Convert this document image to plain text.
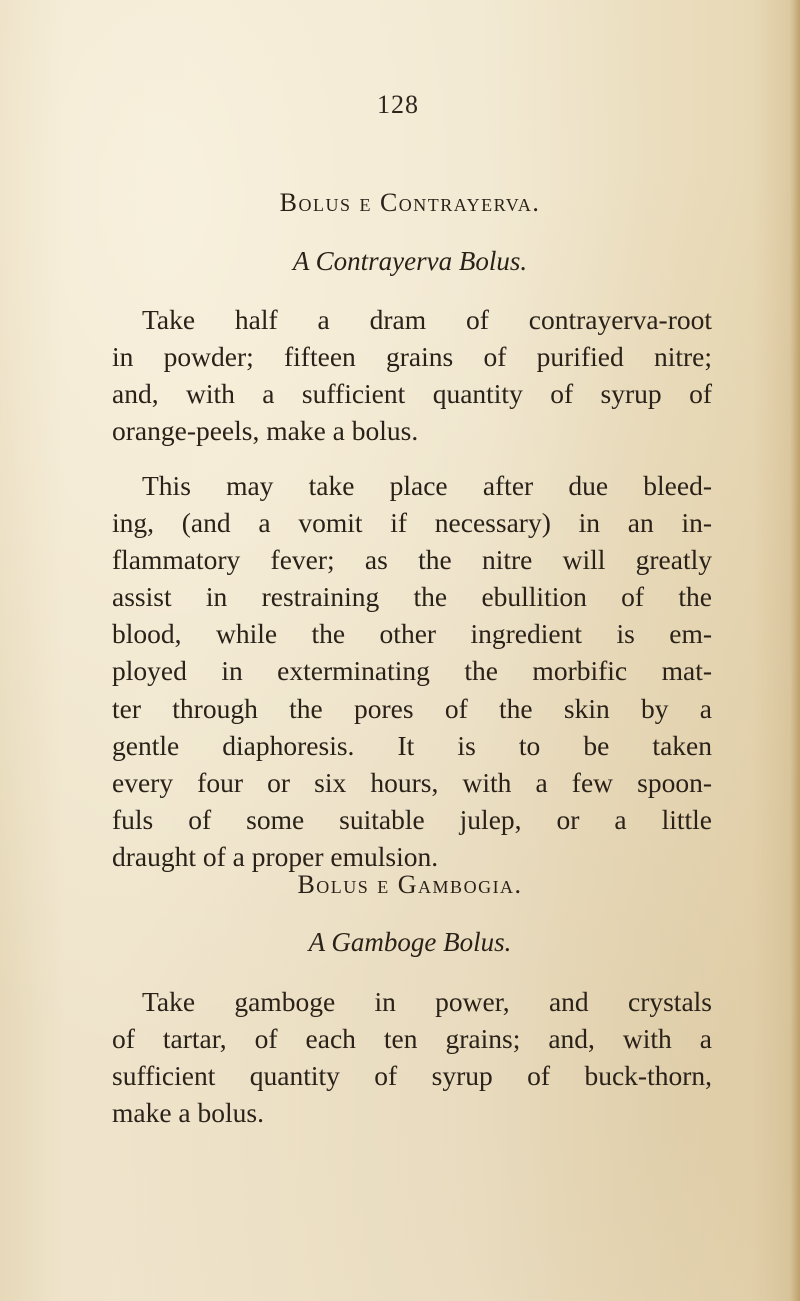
128
Bolus e Contrayerva.
A Contrayerva Bolus.
Take half a dram of contrayerva-root
in powder; fifteen grains of purified nitre;
and, with a sufficient quantity of syrup of
orange-peels, make a bolus.
This may take place after due bleed-
ing, (and a vomit if necessary) in an in-
flammatory fever; as the nitre will greatly
assist in restraining the ebullition of the
blood, while the other ingredient is em-
ployed in exterminating the morbific mat-
ter through the pores of the skin by a
gentle diaphoresis. It is to be taken
every four or six hours, with a few spoon-
fuls of some suitable julep, or a little
draught of a proper emulsion.
Bolus e Gambogia.
A Gamboge Bolus.
Take gamboge in power, and crystals
of tartar, of each ten grains; and, with a
sufficient quantity of syrup of buck-thorn,
make a bolus.
